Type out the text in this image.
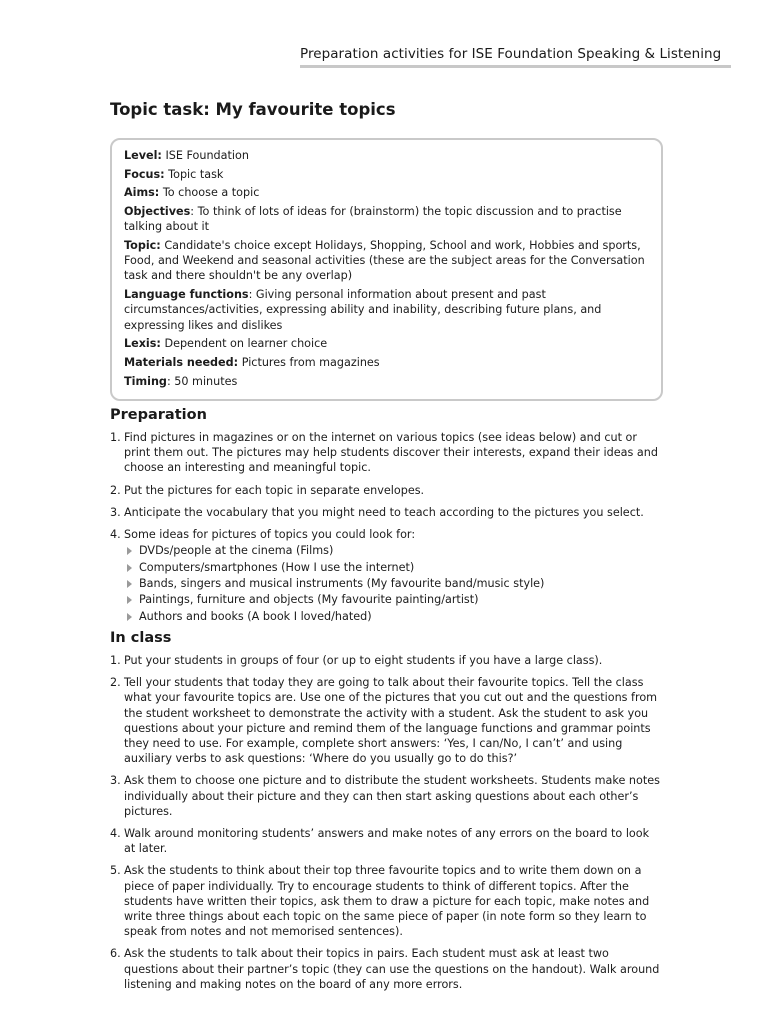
Preparation activities for ISE Foundation Speaking & Listening
Topic task: My favourite topics

Level: ISE Foundation

Focus: Topic task

Aims: To choose a topic

Objectives: To think of lots of ideas for (brainstorm) the topic discussion and to practise talking about it

Topic: Candidate's choice except Holidays, Shopping, School and work, Hobbies and sports, Food, and Weekend and seasonal activities (these are the subject areas for the Conversation task and there shouldn't be any overlap)

Language functions: Giving personal information about present and past circumstances/activities, expressing ability and inability, describing future plans, and expressing likes and dislikes

Lexis: Dependent on learner choice

Materials needed: Pictures from magazines

Timing: 50 minutes

Preparation
1. Find pictures in magazines or on the internet on various topics (see ideas below) and cut or print them out. The pictures may help students discover their interests, expand their ideas and choose an interesting and meaningful topic.
2. Put the pictures for each topic in separate envelopes.
3. Anticipate the vocabulary that you might need to teach according to the pictures you select.
4. Some ideas for pictures of topics you could look for:
DVDs/people at the cinema (Films)
Computers/smartphones (How I use the internet)
Bands, singers and musical instruments (My favourite band/music style)
Paintings, furniture and objects (My favourite painting/artist)
Authors and books (A book I loved/hated)
In class
1. Put your students in groups of four (or up to eight students if you have a large class).
2. Tell your students that today they are going to talk about their favourite topics. Tell the class what your favourite topics are. Use one of the pictures that you cut out and the questions from the student worksheet to demonstrate the activity with a student. Ask the student to ask you questions about your picture and remind them of the language functions and grammar points they need to use. For example, complete short answers: ‘Yes, I can/No, I can’t’ and using auxiliary verbs to ask questions: ‘Where do you usually go to do this?’
3. Ask them to choose one picture and to distribute the student worksheets. Students make notes individually about their picture and they can then start asking questions about each other’s pictures.
4. Walk around monitoring students’ answers and make notes of any errors on the board to look at later.
5. Ask the students to think about their top three favourite topics and to write them down on a piece of paper individually. Try to encourage students to think of different topics. After the students have written their topics, ask them to draw a picture for each topic, make notes and write three things about each topic on the same piece of paper (in note form so they learn to speak from notes and not memorised sentences).
6. Ask the students to talk about their topics in pairs. Each student must ask at least two questions about their partner’s topic (they can use the questions on the handout). Walk around listening and making notes on the board of any more errors.
